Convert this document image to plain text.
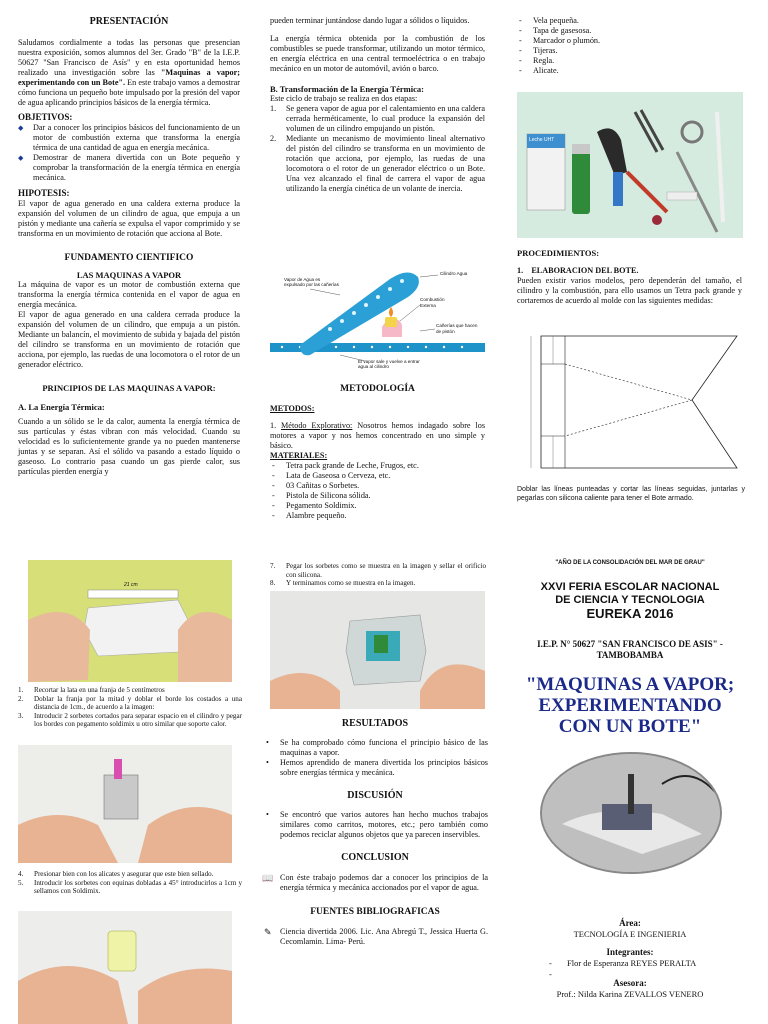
PRESENTACIÓN

Saludamos cordialmente a todas las personas que presencian nuestra exposición, somos alumnos del 3er. Grado "B" de la I.E.P. 50627 "San Francisco de Asís" y en esta oportunidad hemos realizado una investigación sobre las "Maquinas a vapor; experimentando con un Bote". En este trabajo vamos a demostrar cómo funciona un pequeño bote impulsado por la presión del vapor de agua aplicando principios básicos de la energía térmica.

OBJETIVOS:
◆ Dar a conocer los principios básicos del funcionamiento de un motor de combustión externa que transforma la energía térmica de una cantidad de agua en energía mecánica.
◆ Demostrar de manera divertida con un Bote pequeño y comprobar la transformación de la energía térmica en energía mecánica.
HIPOTESIS:

El vapor de agua generado en una caldera externa produce la expansión del volumen de un cilindro de agua, que empuja a un pistón y mediante una cañería se expulsa el vapor comprimido y se transforma en un movimiento de rotación que acciona al Bote.

FUNDAMENTO CIENTIFICO
LAS MAQUINAS A VAPOR

La máquina de vapor es un motor de combustión externa que transforma la energía térmica contenida en el vapor de agua en energía mecánica.

El vapor de agua generado en una caldera cerrada produce la expansión del volumen de un cilindro, que empuja a un pistón. Mediante un balancín, el movimiento de subida y bajada del pistón del cilindro se transforma en un movimiento de rotación que acciona, por ejemplo, las ruedas de una locomotora o el rotor de un generador eléctrico.

PRINCIPIOS DE LAS MAQUINAS A VAPOR:
A. La Energía Térmica:

Cuando a un sólido se le da calor, aumenta la energía térmica de sus partículas y éstas vibran con más velocidad. Cuando su velocidad es lo suficientemente grande ya no pueden mantenerse juntas y se separan. Así el sólido va pasando a estado líquido o gaseoso. Lo contrario pasa cuando un gas pierde calor, sus partículas pierden energía y

pueden terminar juntándose dando lugar a sólidos o líquidos.

La energía térmica obtenida por la combustión de los combustibles se puede transformar, utilizando un motor térmico, en energía eléctrica en una central termoeléctrica o en trabajo mecánico en un motor de automóvil, avión o barco.

B. Transformación de la Energía Térmica:

Este ciclo de trabajo se realiza en dos etapas:

1. Se genera vapor de agua por el calentamiento en una caldera cerrada herméticamente, lo cual produce la expansión del volumen de un cilindro empujando un pistón.
2. Mediante un mecanismo de movimiento lineal alternativo del pistón del cilindro se transforma en un movimiento de rotación que acciona, por ejemplo, las ruedas de una locomotora o el rotor de un generador eléctrico o un Bote. Una vez alcanzado el final de carrera el vapor de agua utilizando la energía cinética de un volante de inercia.
Vapor de Agua es expulsado por las cañerías
Cilindro Agua
Combustión Externa
Cañerías que hacen de pistón
El vapor sale y vuelve a entrar agua al cilindro
METODOLOGÍA
METODOS:

1. Método Explorativo: Nosotros hemos indagado sobre los motores a vapor y nos hemos concentrado en uno simple y básico.

MATERIALES:
- Tetra pack grande de Leche, Frugos, etc.
- Lata de Gaseosa o Cerveza, etc.
- 03 Cañitas o Sorbetes.
- Pistola de Silicona sólida.
- Pegamento Soldimix.
- Alambre pequeño.
- Vela pequeña.
- Tapa de gasesosa.
- Marcador o plumón.
- Tijeras.
- Regla.
- Alicate.
Leche UHT
PROCEDIMIENTOS:
1.    ELABORACION DEL BOTE.

Pueden existir varios modelos, pero dependerán del tamaño, el cilindro y la combustión, para ello usamos un Tetra pack grande y cortaremos de acuerdo al molde con las siguientes medidas:

Doblar las líneas punteadas y cortar las líneas seguidas, juntarlas y pegarlas con silicona caliente para tener el Bote armado.

21 cm
1. Recortar la lata en una franja de 5 centímetros
2. Doblar la franja por la mitad y doblar el borde los costados a una distancia de 1cm., de acuerdo a la imagen:
3. Introducir 2 sorbetes cortados para separar espacio en el cilindro y pegar los bordes con pegamento soldimix u otro similar que soporte calor.
4. Presionar bien con los alicates y asegurar que este bien sellado.
5. Introducir los sorbetes con equinas dobladas a 45° introducirlos a 1cm y sellamos con Soldimix.
7. Pegar los sorbetes como se muestra en la imagen y sellar el orificio con silicona.
8. Y terminamos como se muestra en la imagen.
RESULTADOS
• Se ha comprobado cómo funciona el principio básico de las maquinas a vapor.
• Hemos aprendido de manera divertida los principios básicos sobre energías térmica y mecánica.
DISCUSIÓN
• Se encontró que varios autores han hecho muchos trabajos similares como carritos, motores, etc.; pero también como podemos reciclar algunos objetos que ya parecen inservibles.
CONCLUSION

📖 Con éste trabajo podemos dar a conocer los principios de la energía térmica y mecánica accionados por el vapor de agua.

FUENTES BIBLIOGRAFICAS

✎ Ciencia divertida 2006. Lic. Ana Abregú T., Jessica Huerta G. Cecomlamin. Lima- Perú.

"AÑO DE LA CONSOLIDACIÓN DEL MAR DE GRAU"
XXVI FERIA ESCOLAR NACIONAL
DE CIENCIA Y TECNOLOGIA
EUREKA 2016
I.E.P. N° 50627 "SAN FRANCISCO DE ASIS" -
TAMBOBAMBA
"MAQUINAS A VAPOR;
EXPERIMENTANDO
CON UN BOTE"
Área:
TECNOLOGÍA E INGENIERIA
Integrantes:
- Flor de Esperanza REYES PERALTA
-
Asesora:
Prof.: Nilda Karina ZEVALLOS VENERO
